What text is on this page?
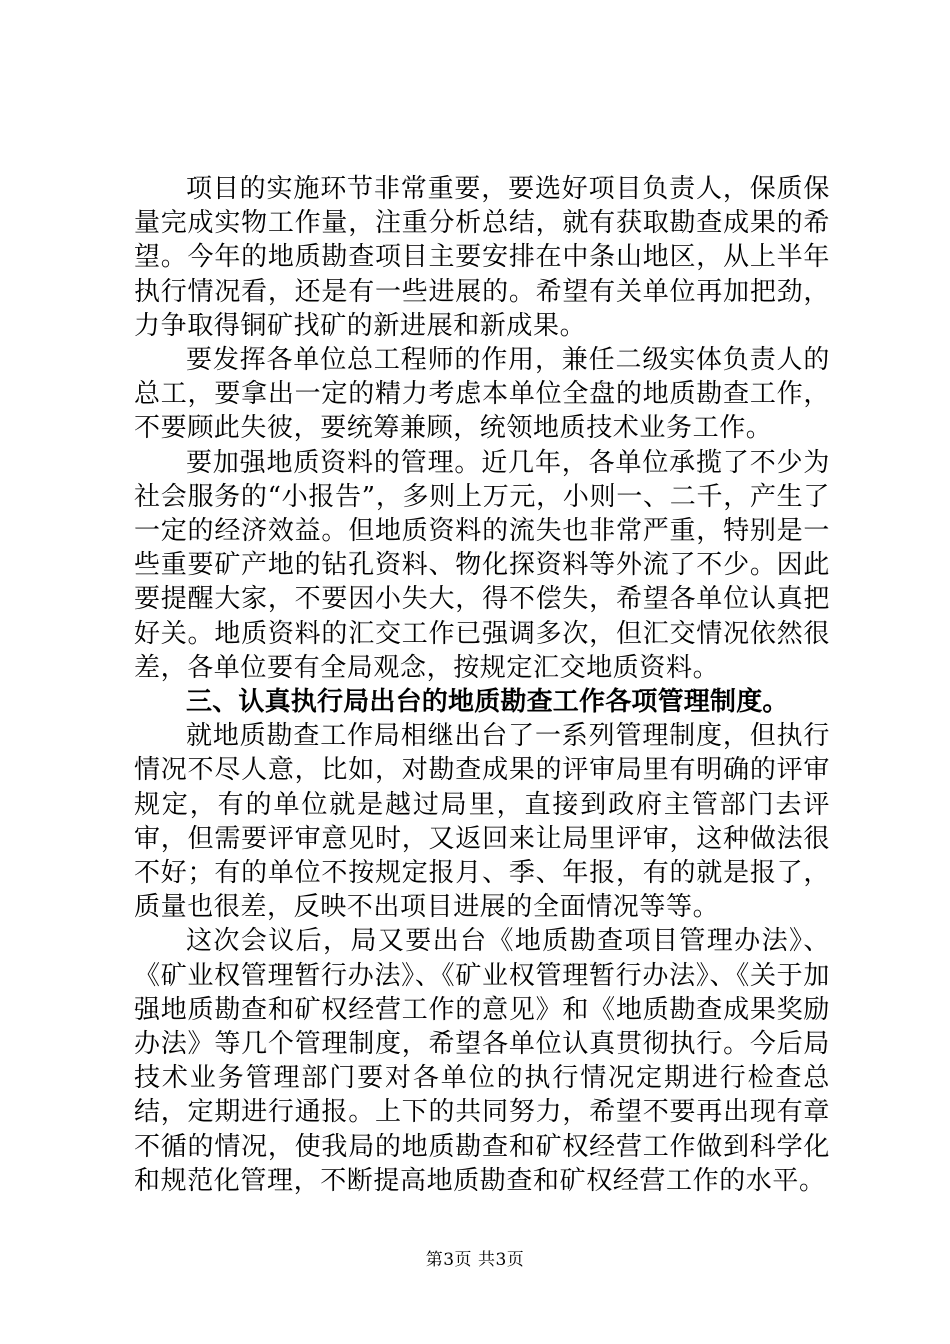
项目的实施环节非常重要，要选好项目负责人，保质保量完成实物工作量，注重分析总结，就有获取勘查成果的希望。今年的地质勘查项目主要安排在中条山地区，从上半年执行情况看，还是有一些进展的。希望有关单位再加把劲，力争取得铜矿找矿的新进展和新成果。

要发挥各单位总工程师的作用，兼任二级实体负责人的总工，要拿出一定的精力考虑本单位全盘的地质勘查工作，不要顾此失彼，要统筹兼顾，统领地质技术业务工作。

要加强地质资料的管理。近几年，各单位承揽了不少为社会服务的“小报告”，多则上万元，小则一、二千，产生了一定的经济效益。但地质资料的流失也非常严重，特别是一些重要矿产地的钻孔资料、物化探资料等外流了不少。因此要提醒大家，不要因小失大，得不偿失，希望各单位认真把好关。地质资料的汇交工作已强调多次，但汇交情况依然很差，各单位要有全局观念，按规定汇交地质资料。

三、认真执行局出台的地质勘查工作各项管理制度。

就地质勘查工作局相继出台了一系列管理制度，但执行情况不尽人意，比如，对勘查成果的评审局里有明确的评审规定，有的单位就是越过局里，直接到政府主管部门去评审，但需要评审意见时，又返回来让局里评审，这种做法很不好；有的单位不按规定报月、季、年报，有的就是报了，质量也很差，反映不出项目进展的全面情况等等。

这次会议后，局又要出台《地质勘查项目管理办法》、《矿业权管理暂行办法》、《矿业权管理暂行办法》、《关于加强地质勘查和矿权经营工作的意见》和《地质勘查成果奖励办法》等几个管理制度，希望各单位认真贯彻执行。今后局技术业务管理部门要对各单位的执行情况定期进行检查总结，定期进行通报。上下的共同努力，希望不要再出现有章不循的情况，使我局的地质勘查和矿权经营工作做到科学化和规范化管理，不断提高地质勘查和矿权经营工作的水平。

第3页 共3页
